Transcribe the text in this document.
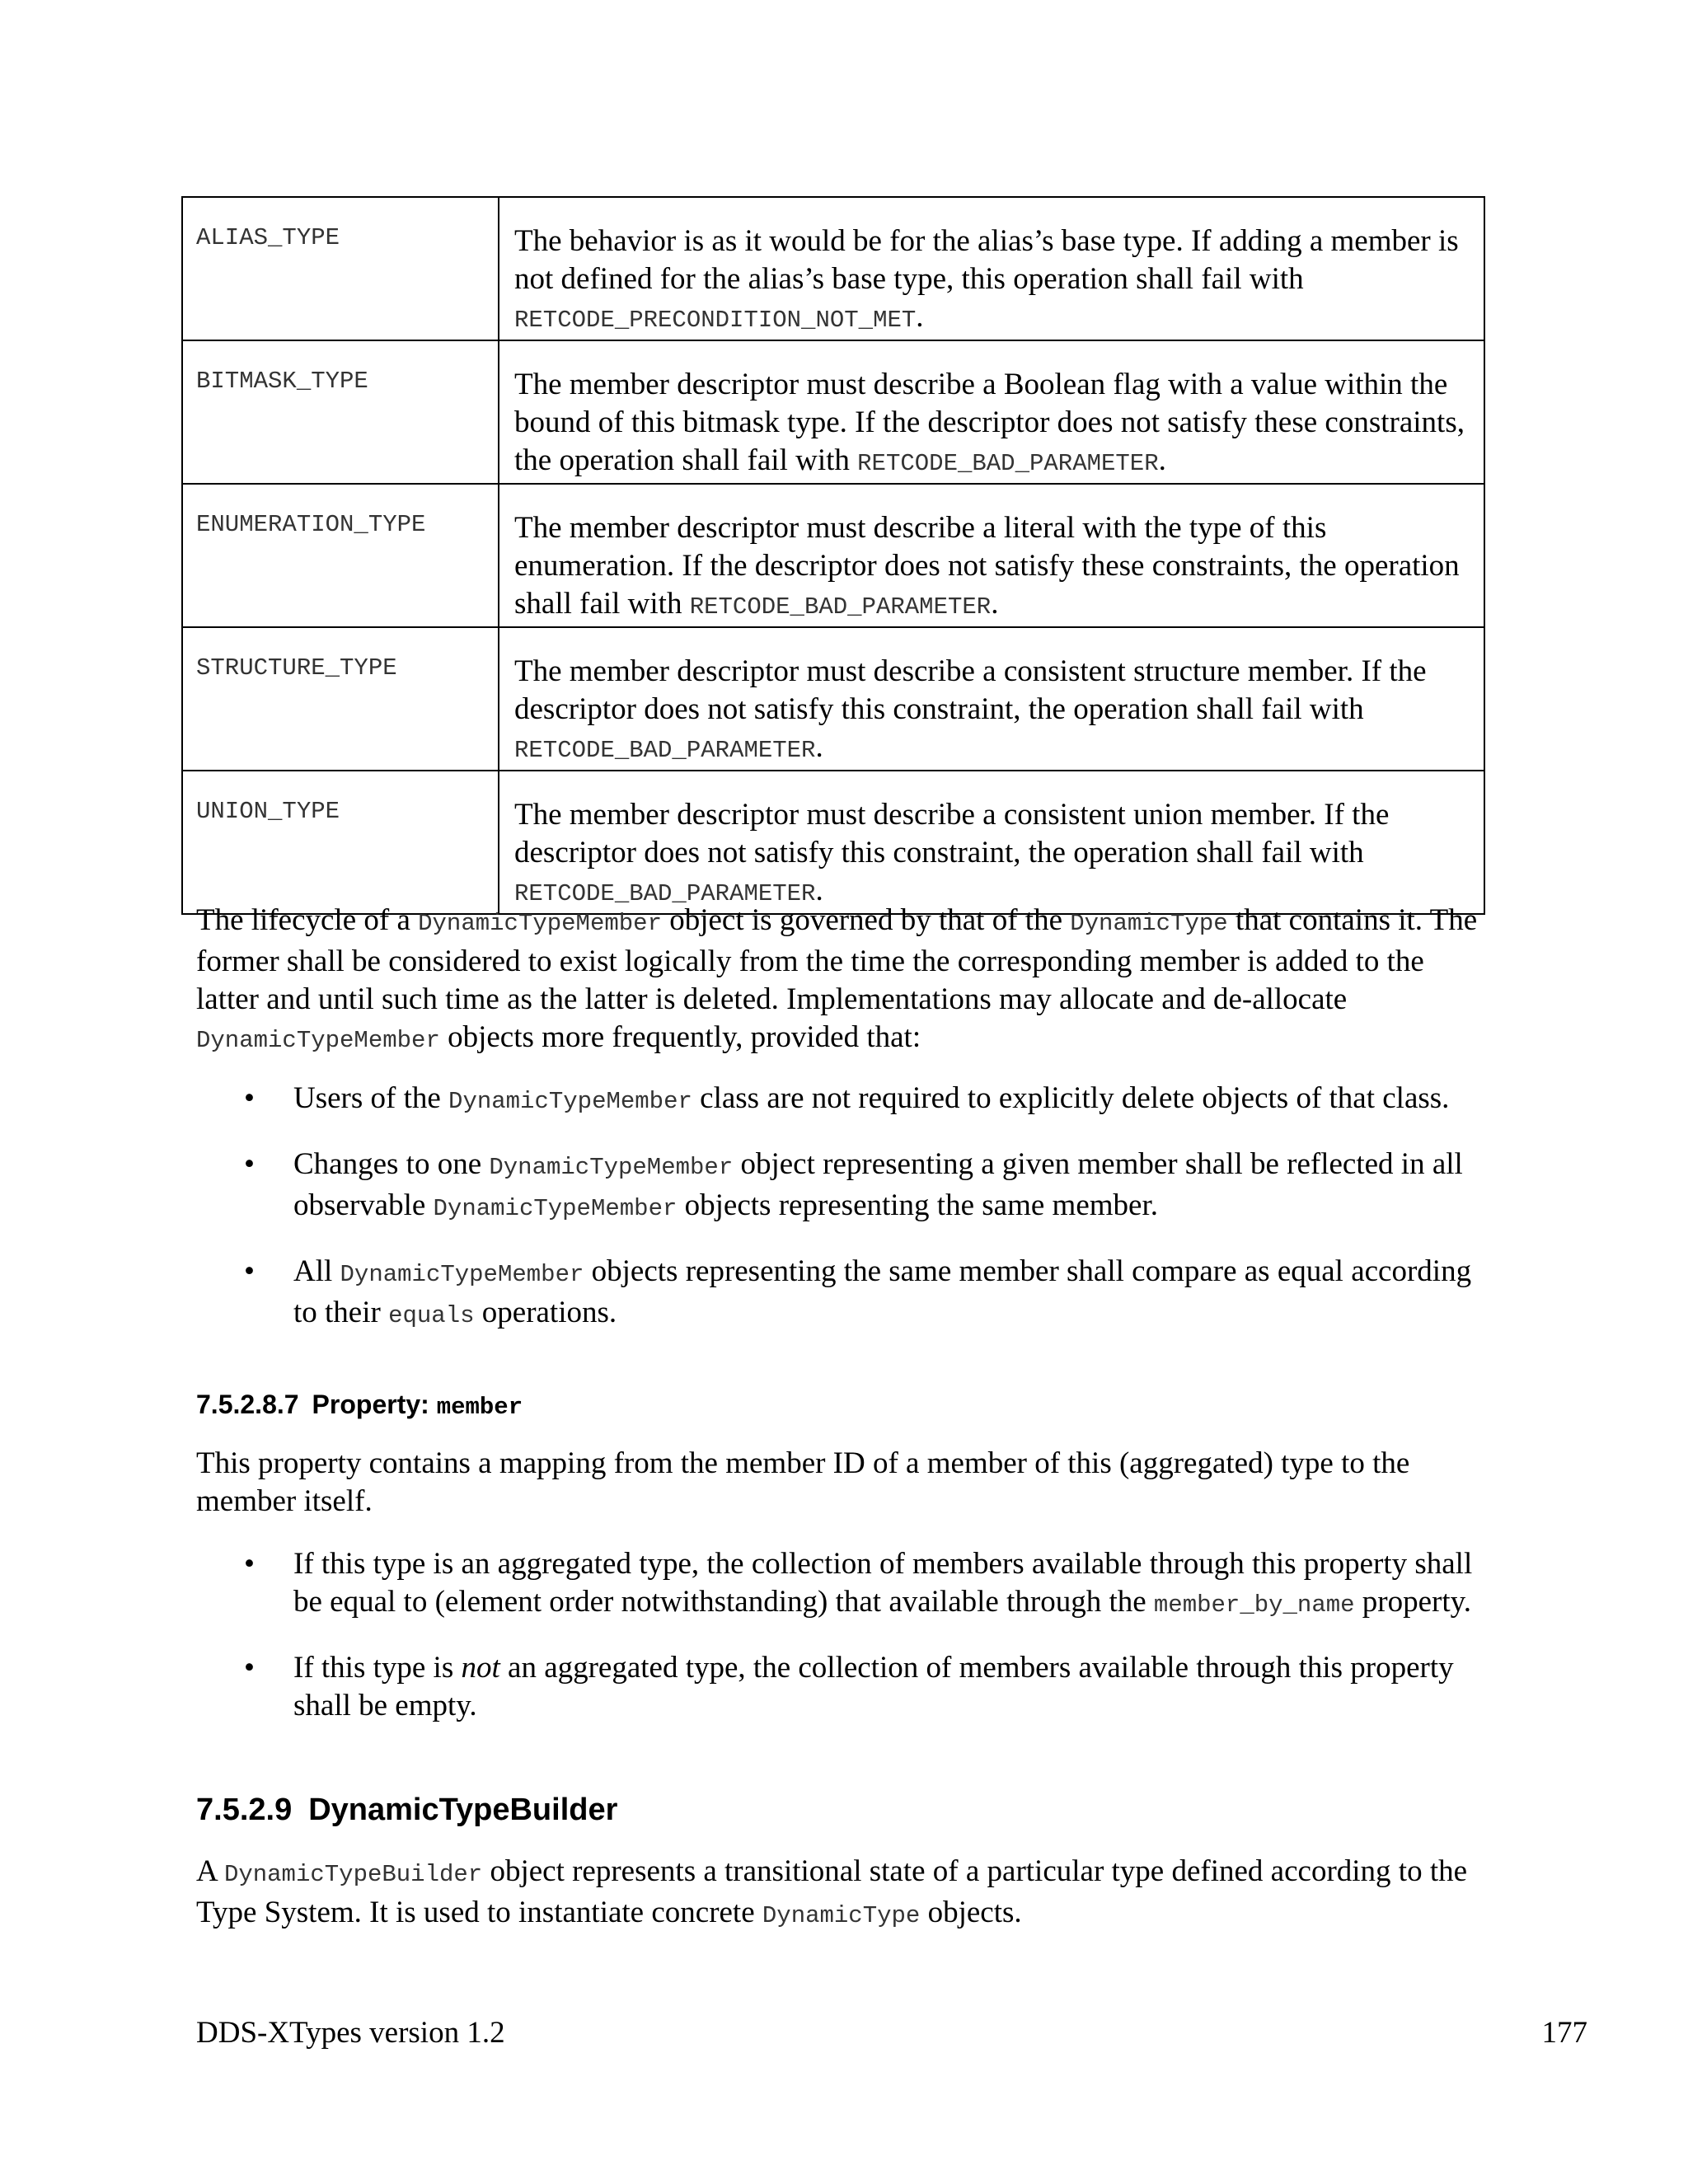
ALIAS_TYPE	The behavior is as it would be for the alias’s base type. If adding a member is not defined for the alias’s base type, this operation shall fail with RETCODE_PRECONDITION_NOT_MET.

BITMASK_TYPE	The member descriptor must describe a Boolean flag with a value within the bound of this bitmask type. If the descriptor does not satisfy these constraints, the operation shall fail with RETCODE_BAD_PARAMETER.

ENUMERATION_TYPE	The member descriptor must describe a literal with the type of this enumeration. If the descriptor does not satisfy these constraints, the operation shall fail with RETCODE_BAD_PARAMETER.

STRUCTURE_TYPE	The member descriptor must describe a consistent structure member. If the descriptor does not satisfy this constraint, the operation shall fail with RETCODE_BAD_PARAMETER.

UNION_TYPE	The member descriptor must describe a consistent union member. If the descriptor does not satisfy this constraint, the operation shall fail with RETCODE_BAD_PARAMETER.

The lifecycle of a DynamicTypeMember object is governed by that of the DynamicType that contains it. The former shall be considered to exist logically from the time the corresponding member is added to the latter and until such time as the latter is deleted. Implementations may allocate and de-allocate DynamicTypeMember objects more frequently, provided that:

• Users of the DynamicTypeMember class are not required to explicitly delete objects of that class.
• Changes to one DynamicTypeMember object representing a given member shall be reflected in all observable DynamicTypeMember objects representing the same member.
• All DynamicTypeMember objects representing the same member shall compare as equal according to their equals operations.
7.5.2.8.7 Property: member

This property contains a mapping from the member ID of a member of this (aggregated) type to the member itself.

• If this type is an aggregated type, the collection of members available through this property shall be equal to (element order notwithstanding) that available through the member_by_name property.
• If this type is not an aggregated type, the collection of members available through this property shall be empty.
7.5.2.9 DynamicTypeBuilder

A DynamicTypeBuilder object represents a transitional state of a particular type defined according to the Type System. It is used to instantiate concrete DynamicType objects.

DDS-XTypes version 1.2	177
